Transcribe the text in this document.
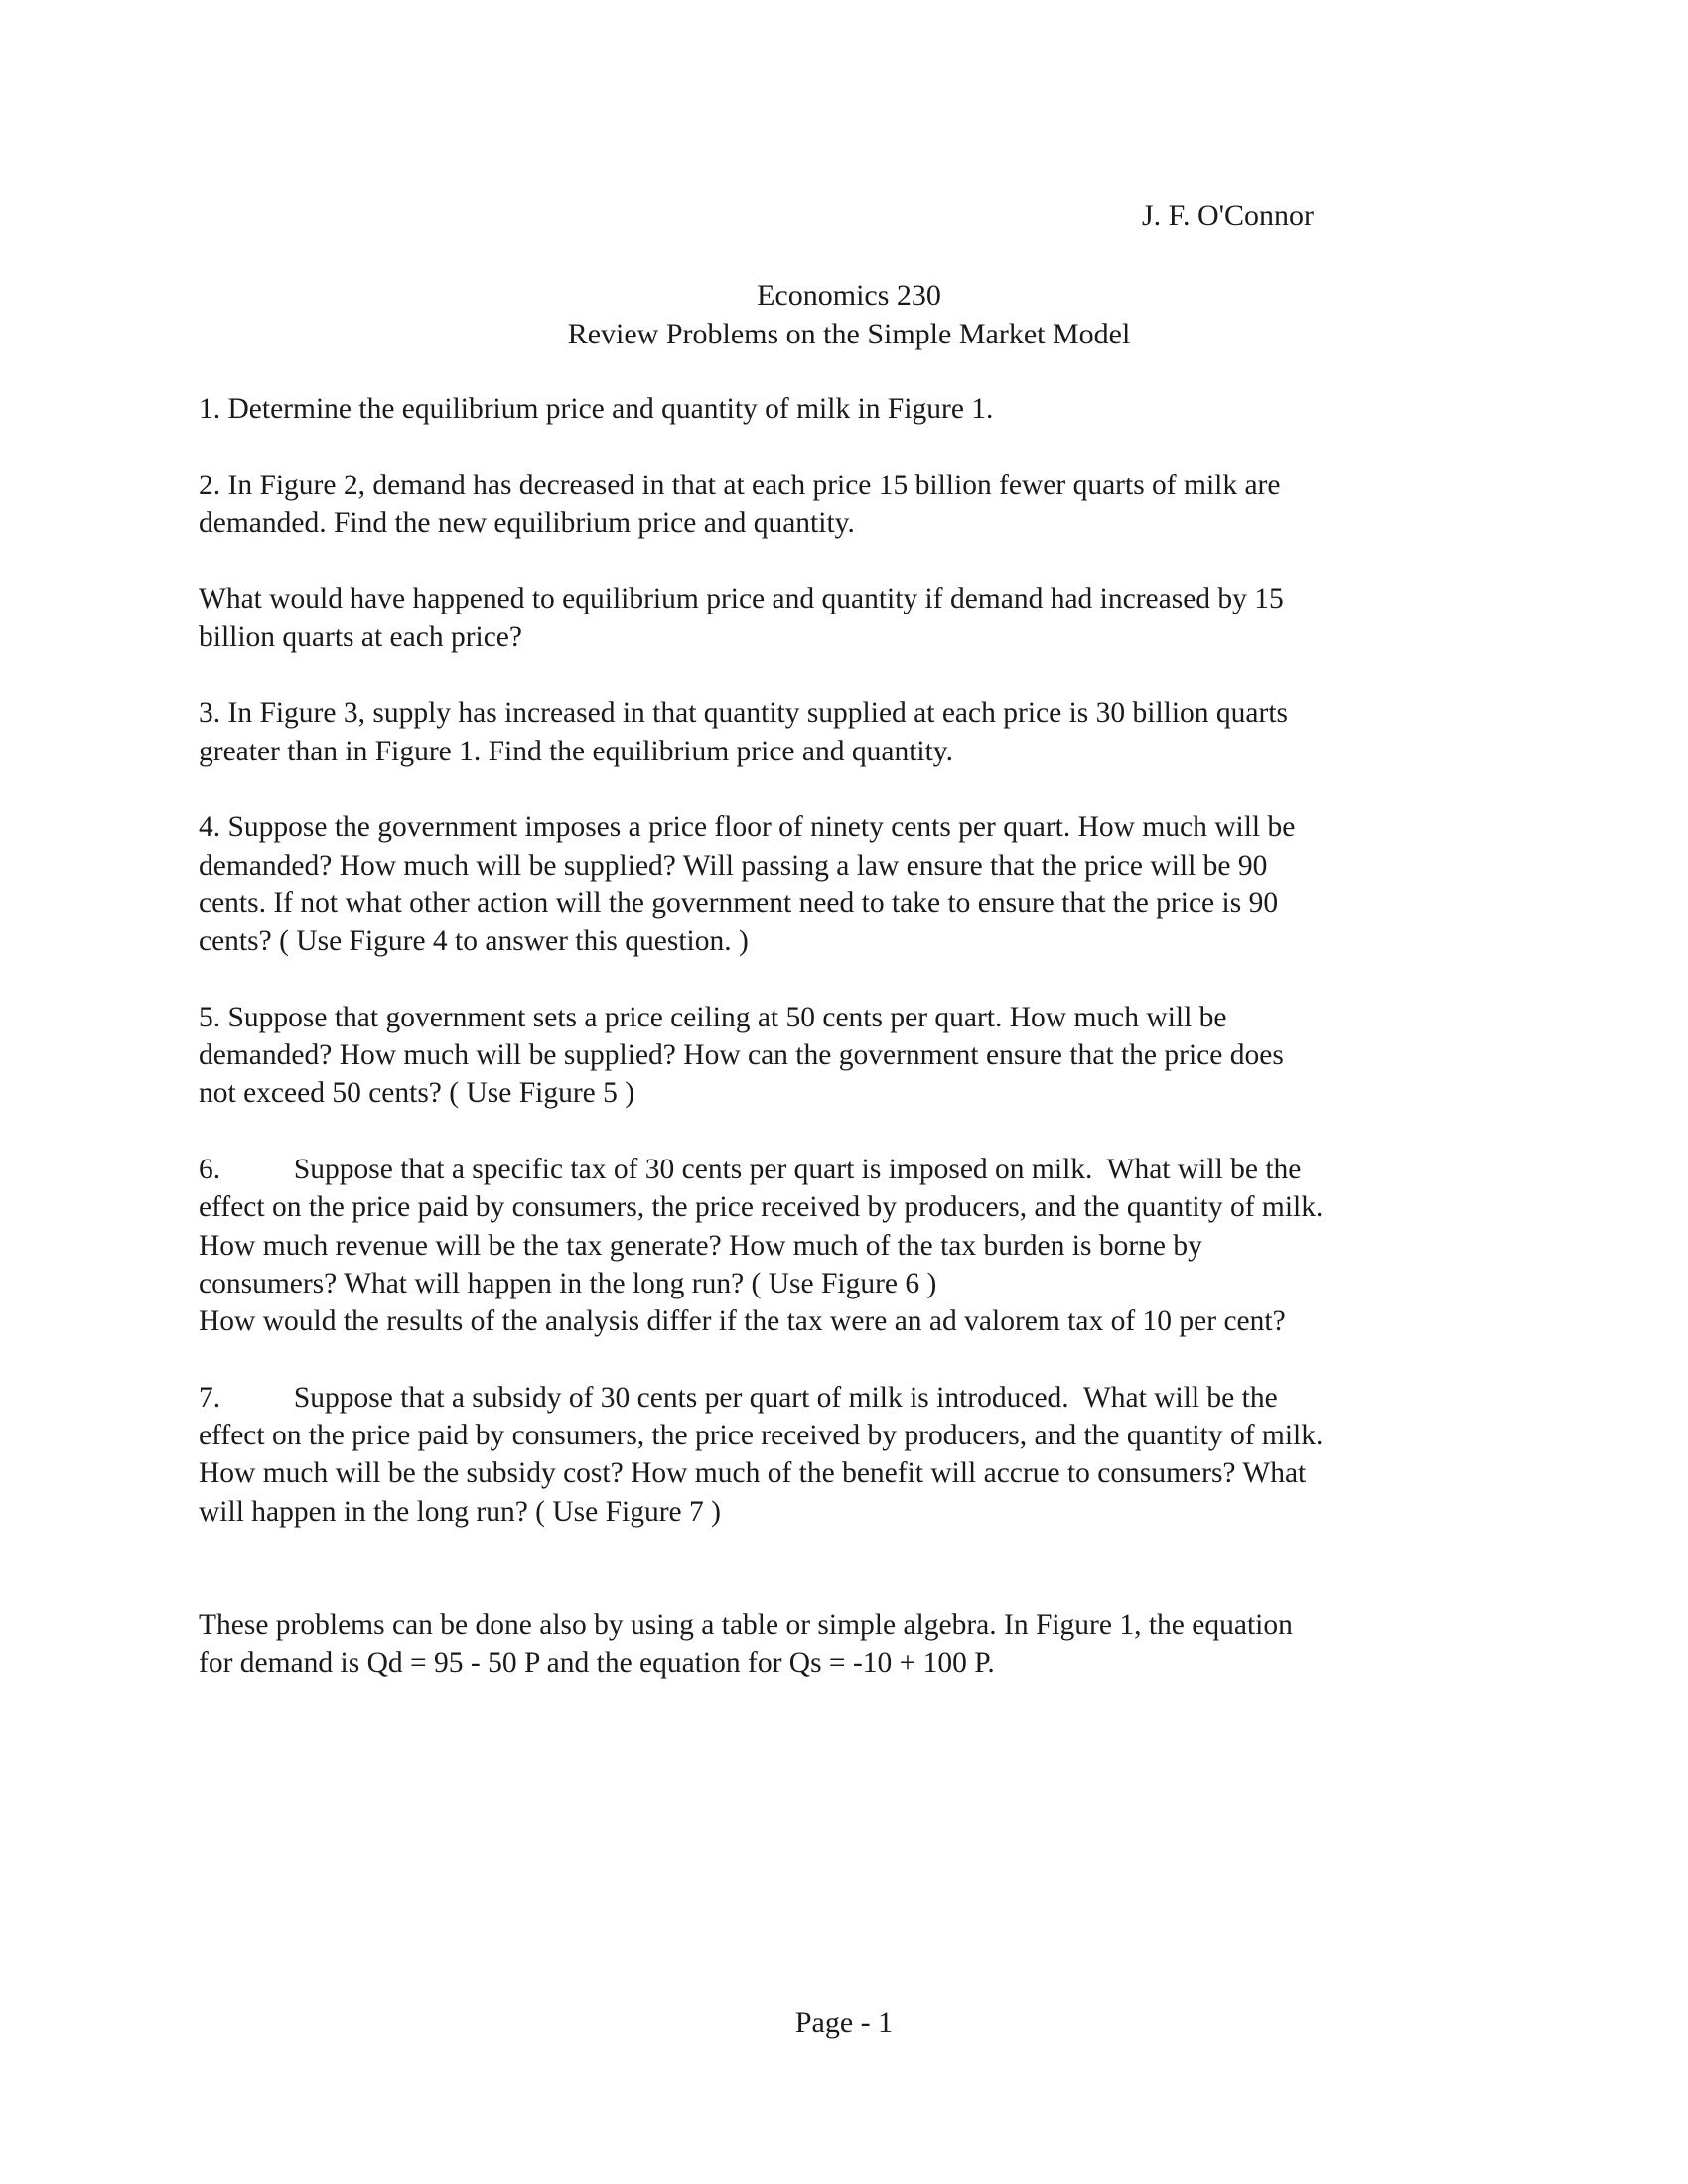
J. F. O'Connor
Economics 230
Review Problems on the Simple Market Model
1. Determine the equilibrium price and quantity of milk in Figure 1.
2. In Figure 2, demand has decreased in that at each price 15 billion fewer quarts of milk are
demanded. Find the new equilibrium price and quantity.
What would have happened to equilibrium price and quantity if demand had increased by 15
billion quarts at each price?
3. In Figure 3, supply has increased in that quantity supplied at each price is 30 billion quarts
greater than in Figure 1. Find the equilibrium price and quantity.
4. Suppose the government imposes a price floor of ninety cents per quart. How much will be
demanded? How much will be supplied? Will passing a law ensure that the price will be 90
cents. If not what other action will the government need to take to ensure that the price is 90
cents? ( Use Figure 4 to answer this question. )
5. Suppose that government sets a price ceiling at 50 cents per quart. How much will be
demanded? How much will be supplied? How can the government ensure that the price does
not exceed 50 cents? ( Use Figure 5 )
6.          Suppose that a specific tax of 30 cents per quart is imposed on milk.  What will be the
effect on the price paid by consumers, the price received by producers, and the quantity of milk.
How much revenue will be the tax generate? How much of the tax burden is borne by
consumers? What will happen in the long run? ( Use Figure 6 )
How would the results of the analysis differ if the tax were an ad valorem tax of 10 per cent?
7.          Suppose that a subsidy of 30 cents per quart of milk is introduced.  What will be the
effect on the price paid by consumers, the price received by producers, and the quantity of milk.
How much will be the subsidy cost? How much of the benefit will accrue to consumers? What
will happen in the long run? ( Use Figure 7 )
These problems can be done also by using a table or simple algebra. In Figure 1, the equation
for demand is Qd = 95 - 50 P and the equation for Qs = -10 + 100 P.
Page - 1
